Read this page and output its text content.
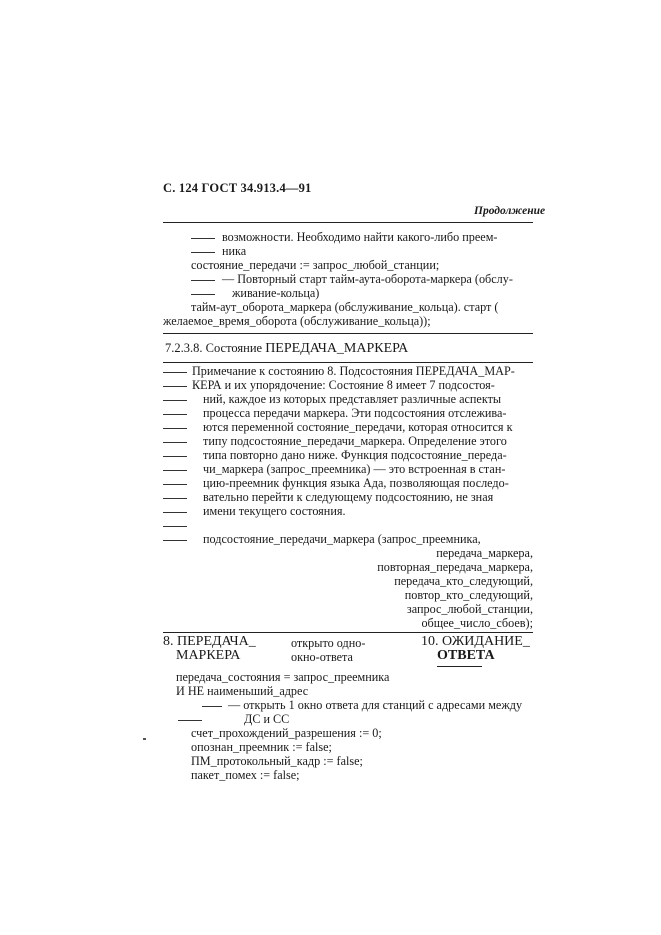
С. 124 ГОСТ 34.913.4—91
Продолжение
возможности. Необходимо найти какого-либо преем-
ника
состояние_передачи := запрос_любой_станции;
— Повторный старт тайм-аута-оборота-маркера (обслу-
живание-кольца)
тайм-аут_оборота_маркера (обслуживание_кольца). старт (
желаемое_время_оборота (обслуживание_кольца));
7.2.3.8. Состояние ПЕРЕДАЧА_МАРКЕРА
Примечание к состоянию 8. Подсостояния ПЕРЕДАЧА_МАР-
КЕРА и их упорядочение: Состояние 8 имеет 7 подсостоя-
ний, каждое из которых представляет различные аспекты
процесса передачи маркера. Эти подсостояния отслежива-
ются переменной состояние_передачи, которая относится к
типу подсостояние_передачи_маркера. Определение этого
типа повторно дано ниже. Функция подсостояние_переда-
чи_маркера (запрос_преемника) — это встроенная в стан-
цию-преемник функция языка Ада, позволяющая последо-
вательно перейти к следующему подсостоянию, не зная
имени текущего состояния.
подсостояние_передачи_маркера (запрос_преемника,
передача_маркера,
повторная_передача_маркера,
передача_кто_следующий,
повтор_кто_следующий,
запрос_любой_станции,
общее_число_сбоев);
8. ПЕРЕДАЧА_
МАРКЕРА
открыто одно-
окно-ответа
10. ОЖИДАНИЕ_
ОТВЕТА
передача_состояния = запрос_преемника
И НЕ наименьший_адрес
— открыть 1 окно ответа для станций с адресами между
ДС и СС
счет_прохождений_разрешения := 0;
опознан_преемник := false;
ПМ_протокольный_кадр := false;
пакет_помех := false;
